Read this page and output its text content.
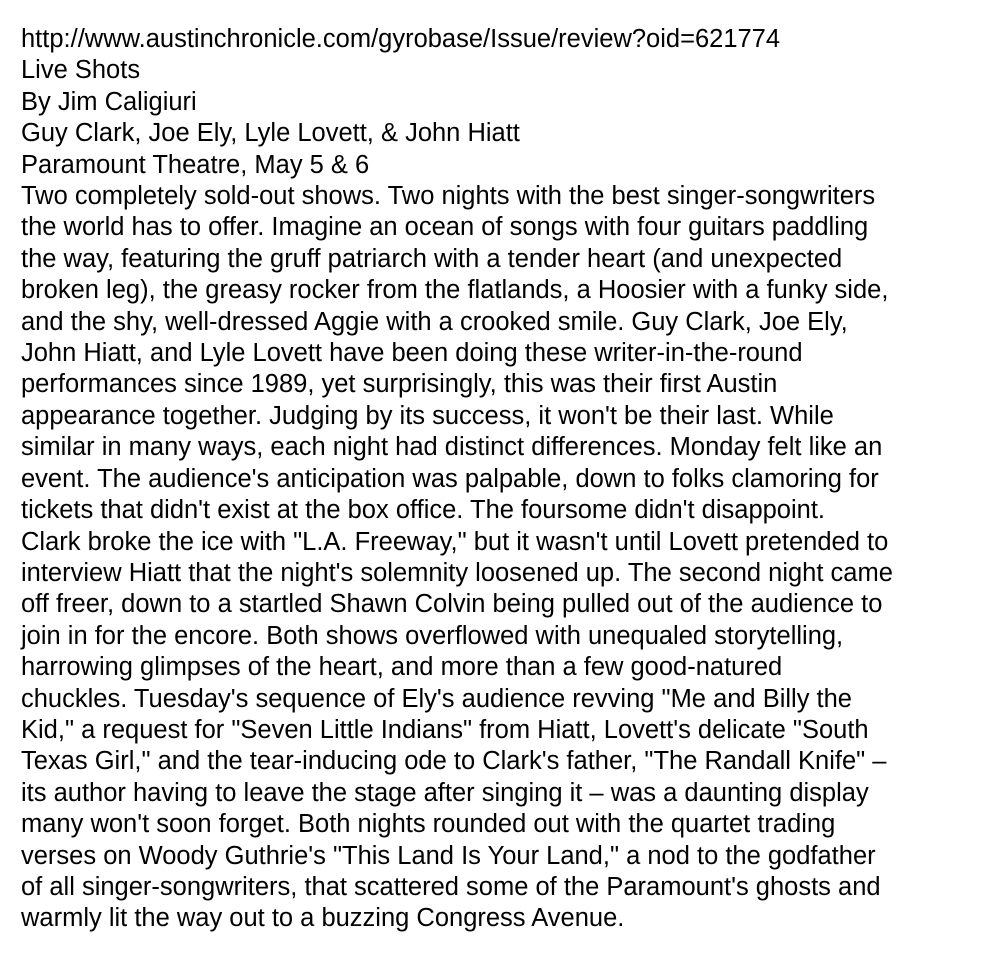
http://www.austinchronicle.com/gyrobase/Issue/review?oid=621774
Live Shots
By Jim Caligiuri
Guy Clark, Joe Ely, Lyle Lovett, & John Hiatt
Paramount Theatre, May 5 & 6
Two completely sold-out shows. Two nights with the best singer-songwriters
the world has to offer. Imagine an ocean of songs with four guitars paddling
the way, featuring the gruff patriarch with a tender heart (and unexpected
broken leg), the greasy rocker from the flatlands, a Hoosier with a funky side,
and the shy, well-dressed Aggie with a crooked smile. Guy Clark, Joe Ely,
John Hiatt, and Lyle Lovett have been doing these writer-in-the-round
performances since 1989, yet surprisingly, this was their first Austin
appearance together. Judging by its success, it won't be their last. While
similar in many ways, each night had distinct differences. Monday felt like an
event. The audience's anticipation was palpable, down to folks clamoring for
tickets that didn't exist at the box office. The foursome didn't disappoint.
Clark broke the ice with "L.A. Freeway," but it wasn't until Lovett pretended to
interview Hiatt that the night's solemnity loosened up. The second night came
off freer, down to a startled Shawn Colvin being pulled out of the audience to
join in for the encore. Both shows overflowed with unequaled storytelling,
harrowing glimpses of the heart, and more than a few good-natured
chuckles. Tuesday's sequence of Ely's audience revving "Me and Billy the
Kid," a request for "Seven Little Indians" from Hiatt, Lovett's delicate "South
Texas Girl," and the tear-inducing ode to Clark's father, "The Randall Knife" –
its author having to leave the stage after singing it – was a daunting display
many won't soon forget. Both nights rounded out with the quartet trading
verses on Woody Guthrie's "This Land Is Your Land," a nod to the godfather
of all singer-songwriters, that scattered some of the Paramount's ghosts and
warmly lit the way out to a buzzing Congress Avenue.
